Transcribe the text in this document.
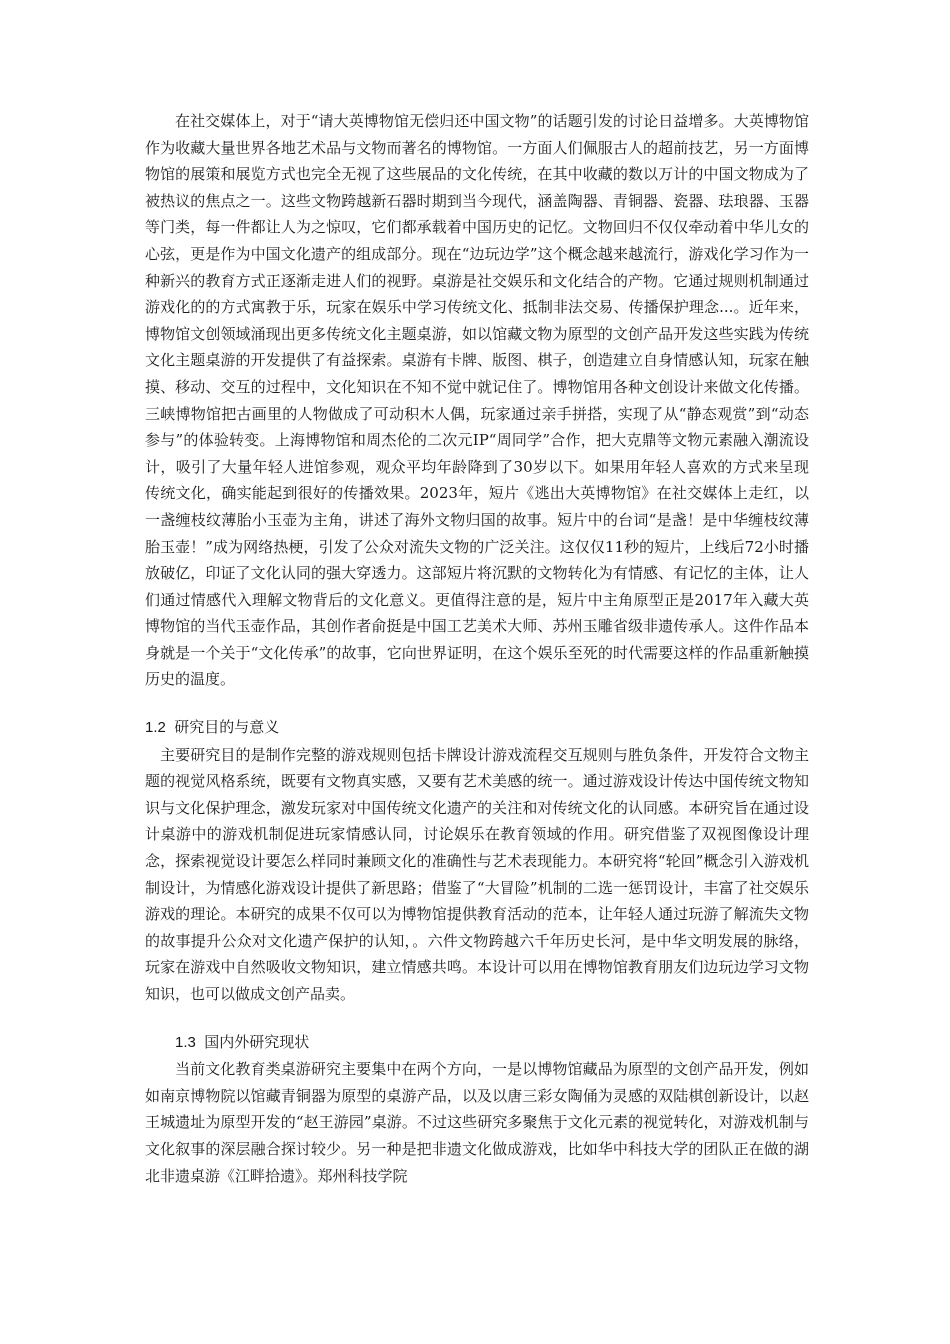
在社交媒体上，对于“请大英博物馆无偿归还中国文物”的话题引发的讨论日益增多。大英博物馆作为收藏大量世界各地艺术品与文物而著名的博物馆。一方面人们佩服古人的超前技艺，另一方面博物馆的展策和展览方式也完全无视了这些展品的文化传统，在其中收藏的数以万计的中国文物成为了被热议的焦点之一。这些文物跨越新石器时期到当今现代，涵盖陶器、青铜器、瓷器、珐琅器、玉器等门类，每一件都让人为之惊叹，它们都承载着中国历史的记忆。文物回归不仅仅牵动着中华儿女的心弦，更是作为中国文化遗产的组成部分。现在“边玩边学”这个概念越来越流行，游戏化学习作为一种新兴的教育方式正逐渐走进人们的视野。桌游是社交娱乐和文化结合的产物。它通过规则机制通过游戏化的的方式寓教于乐，玩家在娱乐中学习传统文化、抵制非法交易、传播保护理念...。近年来，博物馆文创领域涌现出更多传统文化主题桌游，如以馆藏文物为原型的文创产品开发这些实践为传统文化主题桌游的开发提供了有益探索。桌游有卡牌、版图、棋子，创造建立自身情感认知，玩家在触摸、移动、交互的过程中，文化知识在不知不觉中就记住了。博物馆用各种文创设计来做文化传播。三峡博物馆把古画里的人物做成了可动积木人偶，玩家通过亲手拼搭，实现了从“静态观赏”到“动态参与”的体验转变。上海博物馆和周杰伦的二次元IP“周同学”合作，把大克鼎等文物元素融入潮流设计，吸引了大量年轻人进馆参观，观众平均年龄降到了30岁以下。如果用年轻人喜欢的方式来呈现传统文化，确实能起到很好的传播效果。2023年，短片《逃出大英博物馆》在社交媒体上走红，以一盏缠枝纹薄胎小玉壶为主角，讲述了海外文物归国的故事。短片中的台词“是盏！是中华缠枝纹薄胎玉壶！”成为网络热梗，引发了公众对流失文物的广泛关注。这仅仅11秒的短片，上线后72小时播放破亿，印证了文化认同的强大穿透力。这部短片将沉默的文物转化为有情感、有记忆的主体，让人们通过情感代入理解文物背后的文化意义。更值得注意的是，短片中主角原型正是2017年入藏大英博物馆的当代玉壶作品，其创作者俞挺是中国工艺美术大师、苏州玉雕省级非遗传承人。这件作品本身就是一个关于“文化传承”的故事，它向世界证明，在这个娱乐至死的时代需要这样的作品重新触摸历史的温度。

1.2 研究目的与意义

主要研究目的是制作完整的游戏规则包括卡牌设计游戏流程交互规则与胜负条件，开发符合文物主题的视觉风格系统，既要有文物真实感，又要有艺术美感的统一。通过游戏设计传达中国传统文物知识与文化保护理念，激发玩家对中国传统文化遗产的关注和对传统文化的认同感。本研究旨在通过设计桌游中的游戏机制促进玩家情感认同，讨论娱乐在教育领域的作用。研究借鉴了双视图像设计理念，探索视觉设计要怎么样同时兼顾文化的准确性与艺术表现能力。本研究将“轮回”概念引入游戏机制设计，为情感化游戏设计提供了新思路；借鉴了“大冒险”机制的二选一惩罚设计，丰富了社交娱乐游戏的理论。本研究的成果不仅可以为博物馆提供教育活动的范本，让年轻人通过玩游了解流失文物的故事提升公众对文化遗产保护的认知，。六件文物跨越六千年历史长河，是中华文明发展的脉络，玩家在游戏中自然吸收文物知识，建立情感共鸣。本设计可以用在博物馆教育朋友们边玩边学习文物知识，也可以做成文创产品卖。

1.3 国内外研究现状

当前文化教育类桌游研究主要集中在两个方向，一是以博物馆藏品为原型的文创产品开发，例如如南京博物院以馆藏青铜器为原型的桌游产品，以及以唐三彩女陶俑为灵感的双陆棋创新设计，以赵王城遗址为原型开发的“赵王游园”桌游。不过这些研究多聚焦于文化元素的视觉转化，对游戏机制与文化叙事的深层融合探讨较少。另一种是把非遗文化做成游戏，比如华中科技大学的团队正在做的湖北非遗桌游《江畔拾遗》。郑州科技学院
